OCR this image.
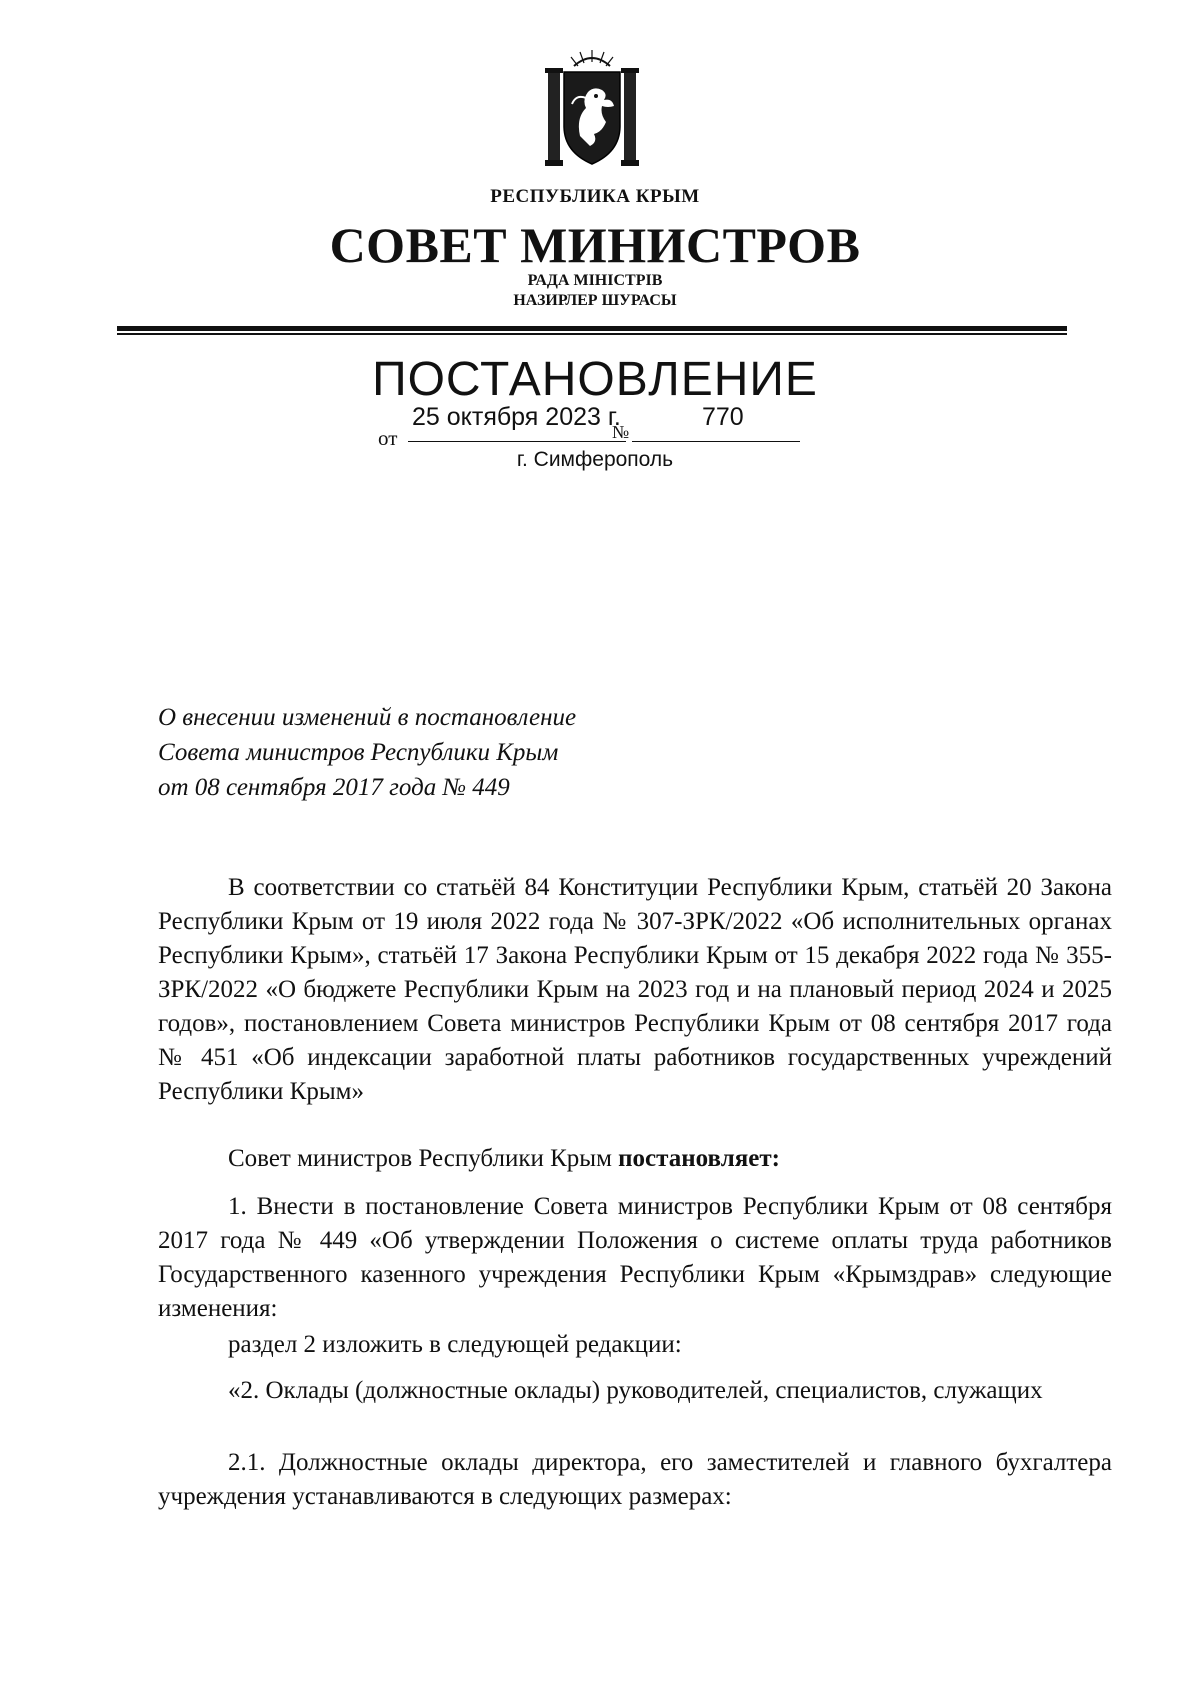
РЕСПУБЛИКА КРЫМ
СОВЕТ МИНИСТРОВ
РАДА МІНІСТРІВ
НАЗИРЛЕР ШУРАСЫ
ПОСТАНОВЛЕНИЕ
от	№
25 октября 2023 г.	770
г. Симферополь
О внесении изменений в постановление
Совета министров Республики Крым
от 08 сентября 2017 года № 449
В соответствии со статьёй 84 Конституции Республики Крым, статьёй 20 Закона Республики Крым от 19 июля 2022 года № 307-ЗРК/2022 «Об исполнительных органах Республики Крым», статьёй 17 Закона Республики Крым от 15 декабря 2022 года № 355-ЗРК/2022 «О бюджете Республики Крым на 2023 год и на плановый период 2024 и 2025 годов», постановлением Совета министров Республики Крым от 08 сентября 2017 года № 451 «Об индексации заработной платы работников государственных учреждений Республики Крым»
Совет министров Республики Крым постановляет:
1. Внести в постановление Совета министров Республики Крым от 08 сентября 2017 года № 449 «Об утверждении Положения о системе оплаты труда работников Государственного казенного учреждения Республики Крым «Крымздрав» следующие изменения:
раздел 2 изложить в следующей редакции:
«2. Оклады (должностные оклады) руководителей, специалистов, служащих
2.1. Должностные оклады директора, его заместителей и главного бухгалтера учреждения устанавливаются в следующих размерах:
